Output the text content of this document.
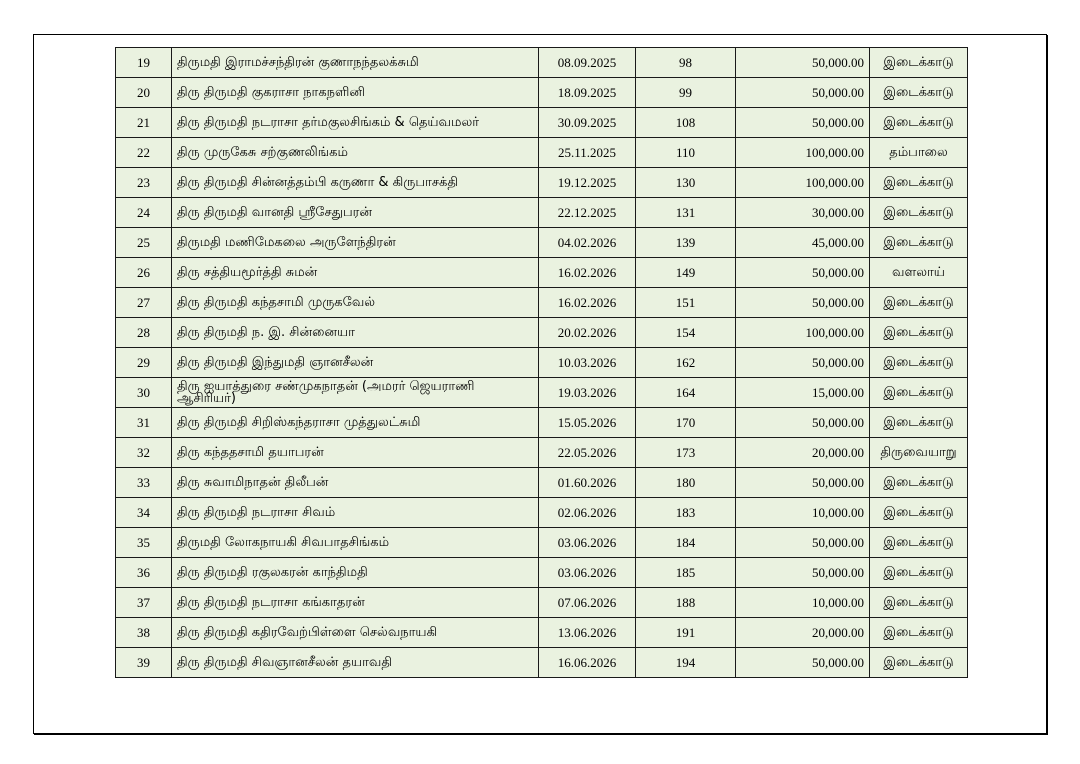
19	திருமதி இராமச்சந்திரன் குணாநந்தலக்சுமி	08.09.2025	98	50,000.00	இடைக்காடு
20	திரு திருமதி குகராசா நாகநளினி	18.09.2025	99	50,000.00	இடைக்காடு
21	திரு திருமதி நடராசா தர்மகுலசிங்கம் & தெய்வமலர்	30.09.2025	108	50,000.00	இடைக்காடு
22	திரு முருகேசு சற்குணலிங்கம்	25.11.2025	110	100,000.00	தம்பாலை
23	திரு திருமதி சின்னத்தம்பி கருணா & கிருபாசக்தி	19.12.2025	130	100,000.00	இடைக்காடு
24	திரு திருமதி வானதி ஸ்ரீசேதுபரன்	22.12.2025	131	30,000.00	இடைக்காடு
25	திருமதி மணிமேகலை அருளேந்திரன்	04.02.2026	139	45,000.00	இடைக்காடு
26	திரு சத்தியமூர்த்தி சுமன்	16.02.2026	149	50,000.00	வளலாய்
27	திரு திருமதி கந்தசாமி முருகவேல்	16.02.2026	151	50,000.00	இடைக்காடு
28	திரு திருமதி ந. இ. சின்னையா	20.02.2026	154	100,000.00	இடைக்காடு
29	திரு திருமதி இந்துமதி ஞானசீலன்	10.03.2026	162	50,000.00	இடைக்காடு
30	திரு ஐயாத்துரை சண்முகநாதன் (அமரர் ஜெயராணி ஆசிரியர்)	19.03.2026	164	15,000.00	இடைக்காடு
31	திரு திருமதி சிறிஸ்கந்தராசா முத்துலட்சுமி	15.05.2026	170	50,000.00	இடைக்காடு
32	திரு கந்ததசாமி தயாபரன்	22.05.2026	173	20,000.00	திருவையாறு
33	திரு சுவாமிநாதன் திலீபன்	01.60.2026	180	50,000.00	இடைக்காடு
34	திரு திருமதி நடராசா சிவம்	02.06.2026	183	10,000.00	இடைக்காடு
35	திருமதி லோகநாயகி சிவபாதசிங்கம்	03.06.2026	184	50,000.00	இடைக்காடு
36	திரு திருமதி ரகுலகரன் காந்திமதி	03.06.2026	185	50,000.00	இடைக்காடு
37	திரு திருமதி நடராசா கங்காதரன்	07.06.2026	188	10,000.00	இடைக்காடு
38	திரு திருமதி கதிரவேற்பிள்ளை செல்வநாயகி	13.06.2026	191	20,000.00	இடைக்காடு
39	திரு திருமதி சிவஞானசீலன் தயாவதி	16.06.2026	194	50,000.00	இடைக்காடு
